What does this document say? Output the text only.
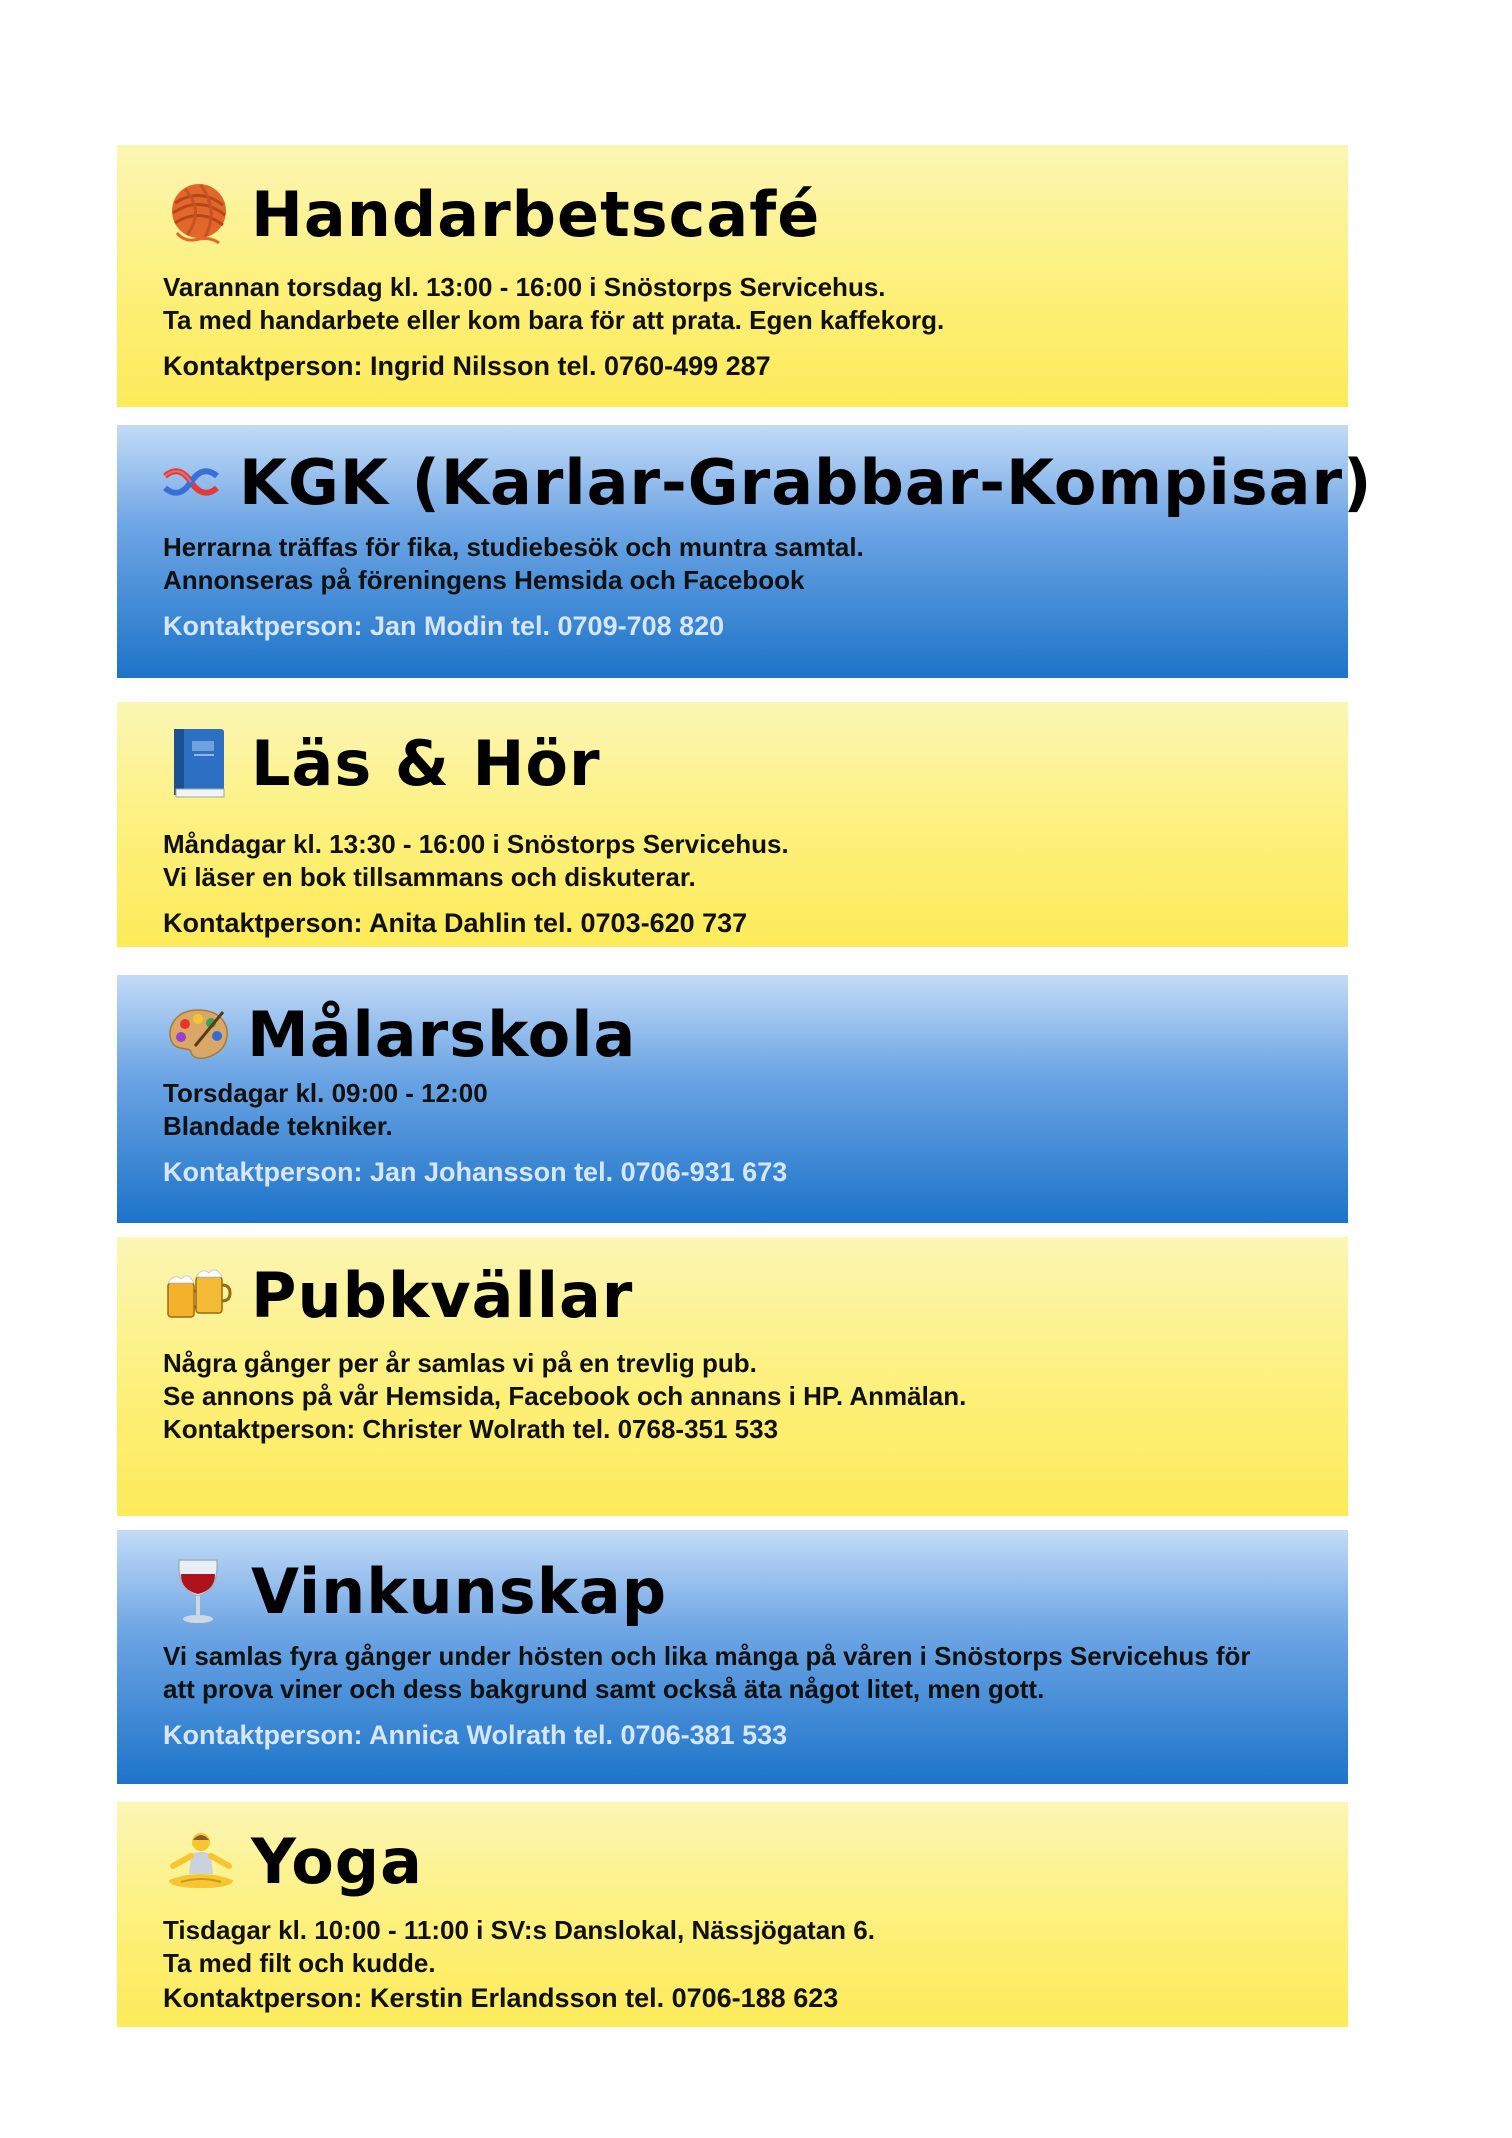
Handarbetscafé
Varannan torsdag kl. 13:00 - 16:00 i Snöstorps Servicehus.
Ta med handarbete eller kom bara för att prata. Egen kaffekorg.
Kontaktperson: Ingrid Nilsson tel. 0760-499 287
KGK (Karlar-Grabbar-Kompisar)
Herrarna träffas för fika, studiebesök och muntra samtal.
Annonseras på föreningens Hemsida och Facebook
Kontaktperson: Jan Modin tel. 0709-708 820
Läs & Hör
Måndagar kl. 13:30 - 16:00 i Snöstorps Servicehus.
Vi läser en bok tillsammans och diskuterar.
Kontaktperson: Anita Dahlin tel. 0703-620 737
Målarskola
Torsdagar kl. 09:00 - 12:00
Blandade tekniker.
Kontaktperson: Jan Johansson tel. 0706-931 673
Pubkvällar
Några gånger per år samlas vi på en trevlig pub.
Se annons på vår Hemsida, Facebook och annans i HP. Anmälan.
Kontaktperson: Christer Wolrath tel. 0768-351 533
Vinkunskap
Vi samlas fyra gånger under hösten och lika många på våren i Snöstorps Servicehus för
att prova viner och dess bakgrund samt också äta något litet, men gott.
Kontaktperson: Annica Wolrath tel. 0706-381 533
Yoga
Tisdagar kl. 10:00 - 11:00 i SV:s Danslokal, Nässjögatan 6.
Ta med filt och kudde.
Kontaktperson: Kerstin Erlandsson tel. 0706-188 623
